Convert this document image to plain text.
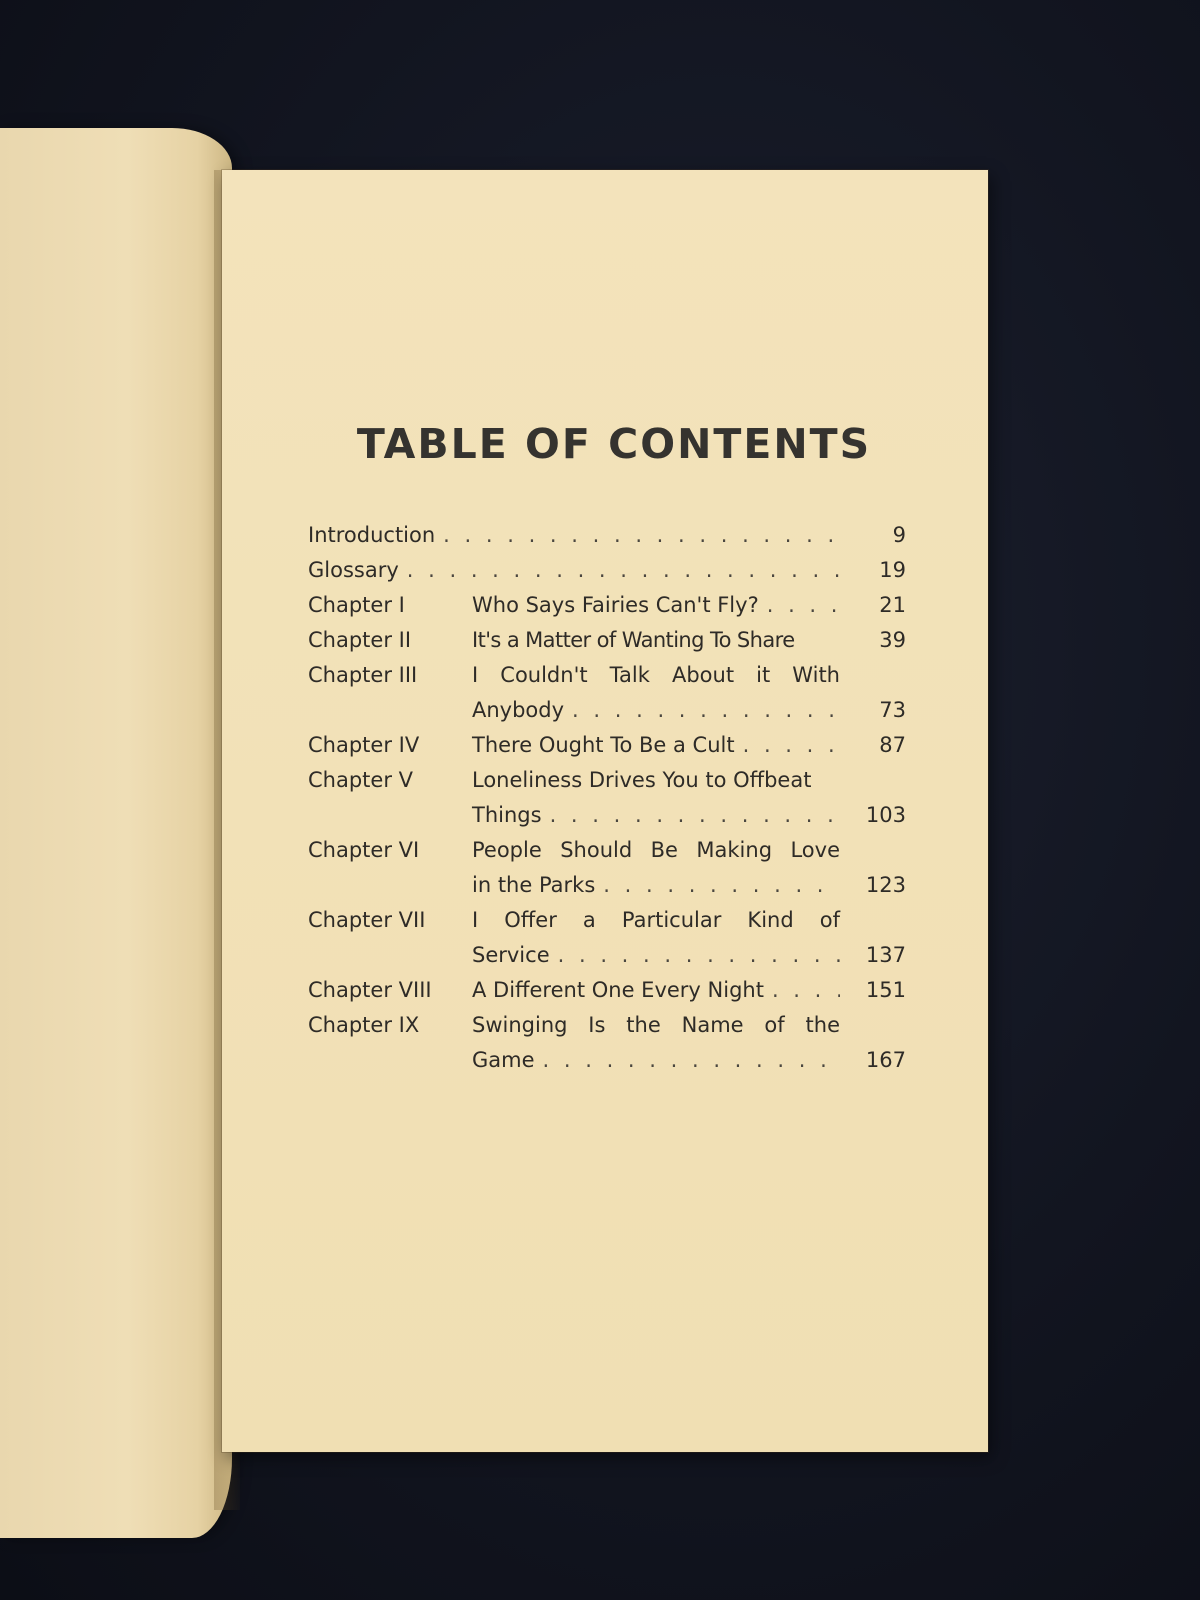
TABLE OF CONTENTS
Introduction . . .	9
Glossary . . .	19
Chapter I	Who Says Fairies Can't Fly? . . .	21
Chapter II	It's a Matter of Wanting To Share	39
Chapter III	I Couldn't Talk About it With
Anybody . . .	73
Chapter IV	There Ought To Be a Cult . . .	87
Chapter V	Loneliness Drives You to Offbeat
Things . . .	103
Chapter VI	People Should Be Making Love
in the Parks . . .	123
Chapter VII	I Offer a Particular Kind of
Service . . .	137
Chapter VIII	A Different One Every Night . . .	151
Chapter IX	Swinging Is the Name of the
Game . . .	167
